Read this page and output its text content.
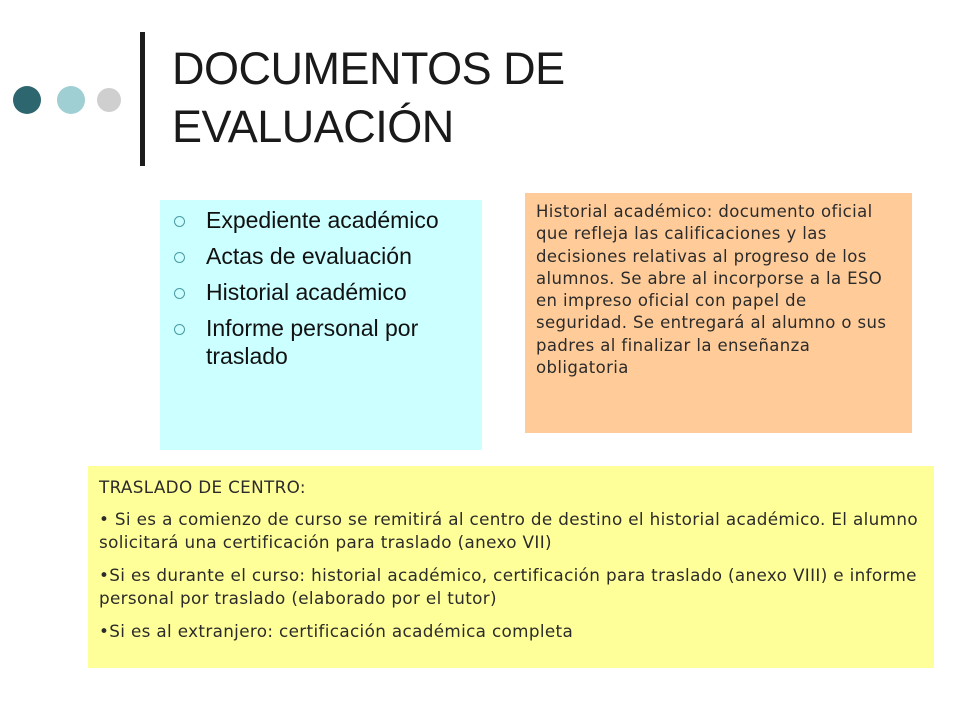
DOCUMENTOS DE
EVALUACIÓN
Expediente académico
Actas de evaluación
Historial académico
Informe personal por traslado
Historial académico: documento oficial que refleja las calificaciones y las decisiones relativas al progreso de los alumnos. Se abre al incorporse a la ESO en impreso oficial con papel de seguridad. Se entregará al alumno o sus padres al finalizar la enseñanza obligatoria

TRASLADO DE CENTRO:

• Si es a comienzo de curso se remitirá al centro de destino el historial académico. El alumno solicitará una certificación para traslado (anexo VII)

•Si es durante el curso: historial académico, certificación para traslado (anexo VIII) e informe personal por traslado (elaborado por el tutor)

•Si es al extranjero: certificación académica completa
